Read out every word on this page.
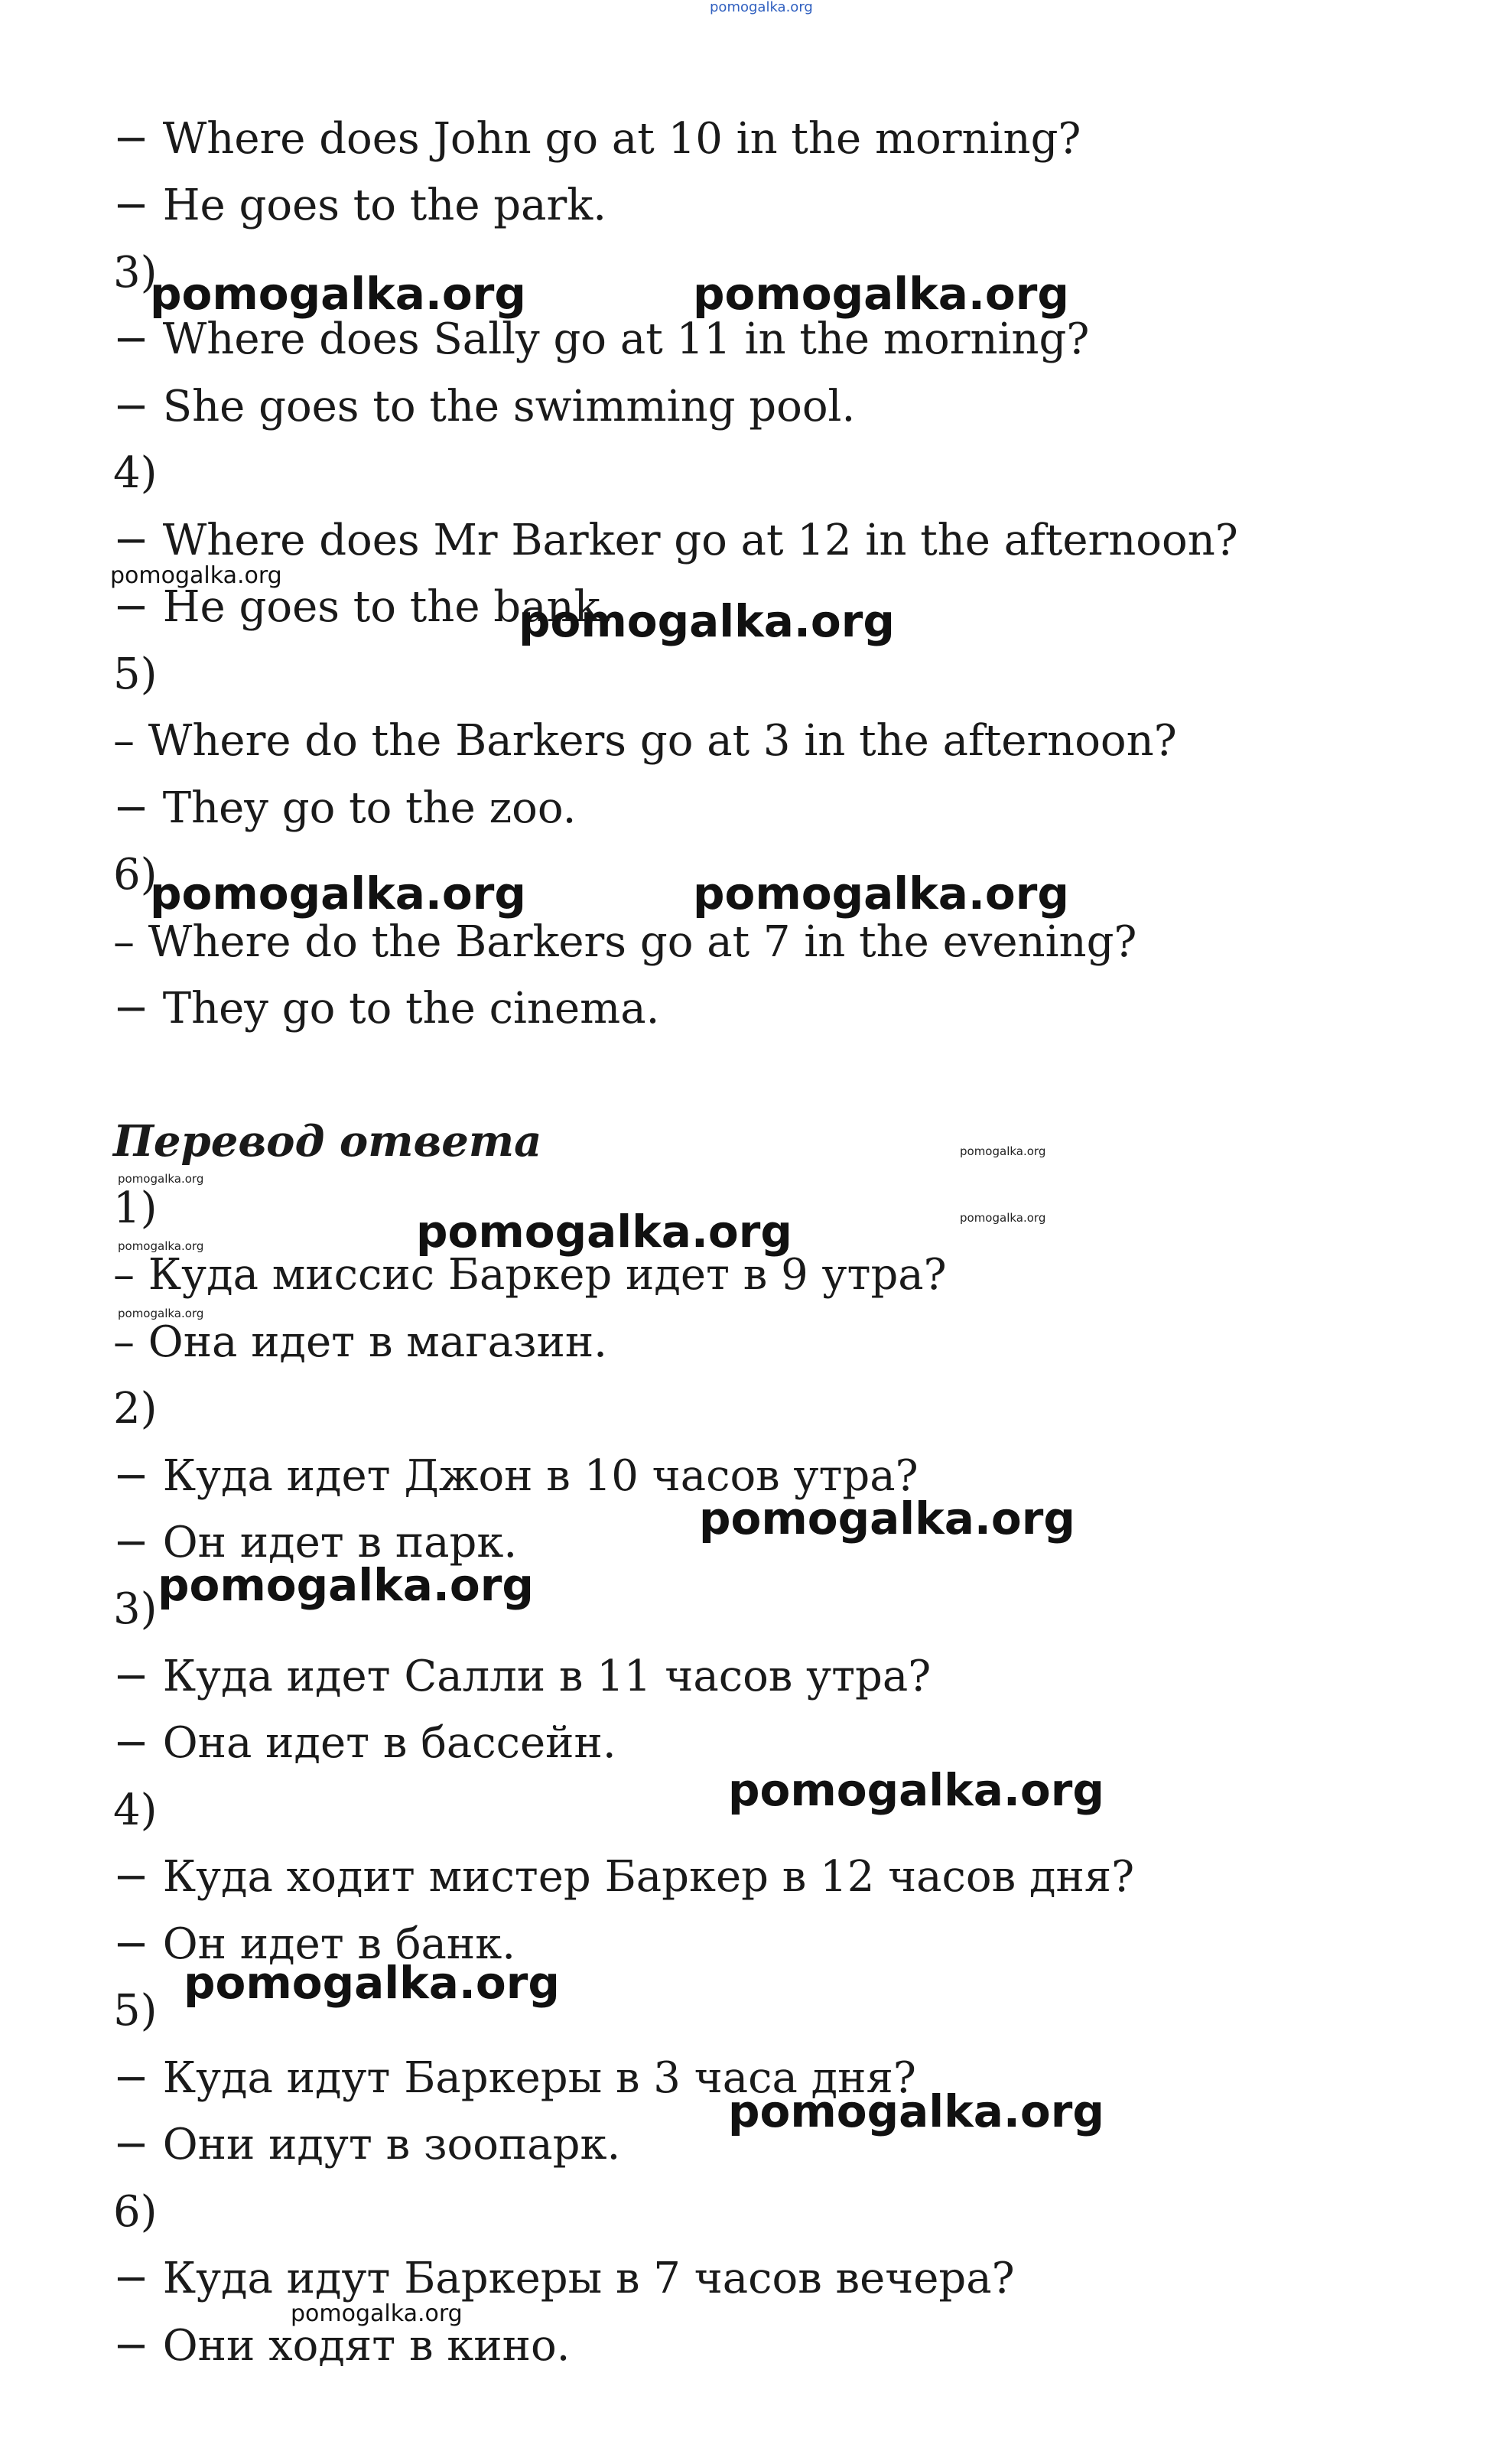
pomogalka.org
− Where does John go at 10 in the morning?
− He goes to the park.
3)
− Where does Sally go at 11 in the morning?
− She goes to the swimming pool.
4)
− Where does Mr Barker go at 12 in the afternoon?
− He goes to the bank.
5)
– Where do the Barkers go at 3 in the afternoon?
− They go to the zoo.
6)
– Where do the Barkers go at 7 in the evening?
− They go to the cinema.
Перевод ответа
1)
– Куда миссис Баркер идет в 9 утра?
– Она идет в магазин.
2)
− Куда идет Джон в 10 часов утра?
− Он идет в парк.
3)
− Куда идет Салли в 11 часов утра?
− Она идет в бассейн.
4)
− Куда ходит мистер Баркер в 12 часов дня?
− Он идет в банк.
5)
− Куда идут Баркеры в 3 часа дня?
− Они идут в зоопарк.
6)
− Куда идут Баркеры в 7 часов вечера?
− Они ходят в кино.
pomogalka.org	pomogalka.org
pomogalka.org
pomogalka.org	pomogalka.org
pomogalka.org
pomogalka.org
pomogalka.org
pomogalka.org
pomogalka.org
pomogalka.org
pomogalka.org
pomogalka.org
pomogalka.org
pomogalka.org
pomogalka.org
pomogalka.org
pomogalka.org
